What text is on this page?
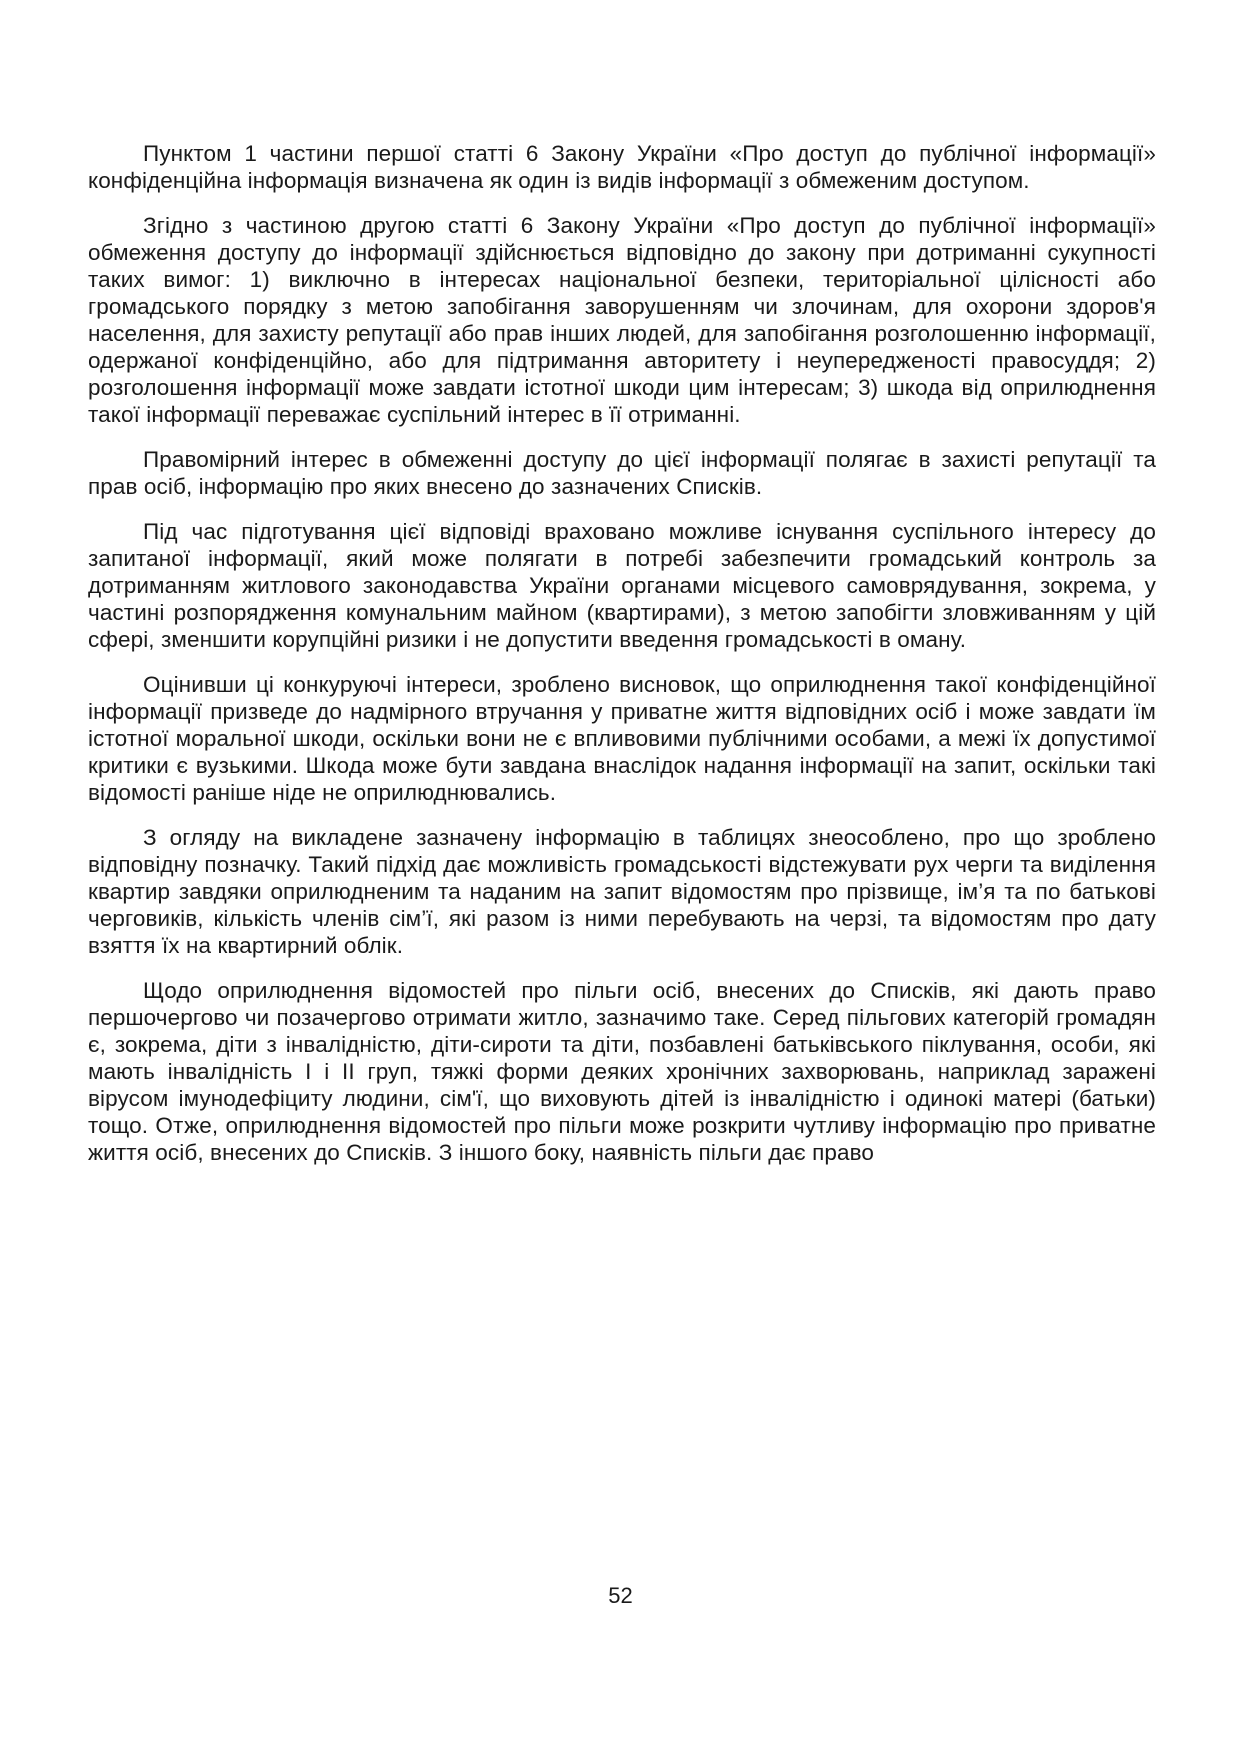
Пунктом 1 частини першої статті 6 Закону України «Про доступ до публічної інформації» конфіденційна інформація визначена як один із видів інформації з обмеженим доступом.

Згідно з частиною другою статті 6 Закону України «Про доступ до публічної інформації» обмеження доступу до інформації здійснюється відповідно до закону при дотриманні сукупності таких вимог: 1) виключно в інтересах національної безпеки, територіальної цілісності або громадського порядку з метою запобігання заворушенням чи злочинам, для охорони здоров'я населення, для захисту репутації або прав інших людей, для запобігання розголошенню інформації, одержаної конфіденційно, або для підтримання авторитету і неупередженості правосуддя; 2) розголошення інформації може завдати істотної шкоди цим інтересам; 3) шкода від оприлюднення такої інформації переважає суспільний інтерес в її отриманні.

Правомірний інтерес в обмеженні доступу до цієї інформації полягає в захисті репутації та прав осіб, інформацію про яких внесено до зазначених Списків.

Під час підготування цієї відповіді враховано можливе існування суспільного інтересу до запитаної інформації, який може полягати в потребі забезпечити громадський контроль за дотриманням житлового законодавства України органами місцевого самоврядування, зокрема, у частині розпорядження комунальним майном (квартирами), з метою запобігти зловживанням у цій сфері, зменшити корупційні ризики і не допустити введення громадськості в оману.

Оцінивши ці конкуруючі інтереси, зроблено висновок, що оприлюднення такої конфіденційної інформації призведе до надмірного втручання у приватне життя відповідних осіб і може завдати їм істотної моральної шкоди, оскільки вони не є впливовими публічними особами, а межі їх допустимої критики є вузькими. Шкода може бути завдана внаслідок надання інформації на запит, оскільки такі відомості раніше ніде не оприлюднювались.

З огляду на викладене зазначену інформацію в таблицях знеособлено, про що зроблено відповідну позначку. Такий підхід дає можливість громадськості відстежувати рух черги та виділення квартир завдяки оприлюдненим та наданим на запит відомостям про прізвище, ім’я та по батькові черговиків, кількість членів сім’ї, які разом із ними перебувають на черзі, та відомостям про дату взяття їх на квартирний облік.

Щодо оприлюднення відомостей про пільги осіб, внесених до Списків, які дають право першочергово чи позачергово отримати житло, зазначимо таке. Серед пільгових категорій громадян є, зокрема, діти з інвалідністю, діти-сироти та діти, позбавлені батьківського піклування, особи, які мають інвалідність I і II груп, тяжкі форми деяких хронічних захворювань, наприклад заражені вірусом імунодефіциту людини, сім'ї, що виховують дітей із інвалідністю і одинокі матері (батьки) тощо. Отже, оприлюднення відомостей про пільги може розкрити чутливу інформацію про приватне життя осіб, внесених до Списків. З іншого боку, наявність пільги дає право

52
